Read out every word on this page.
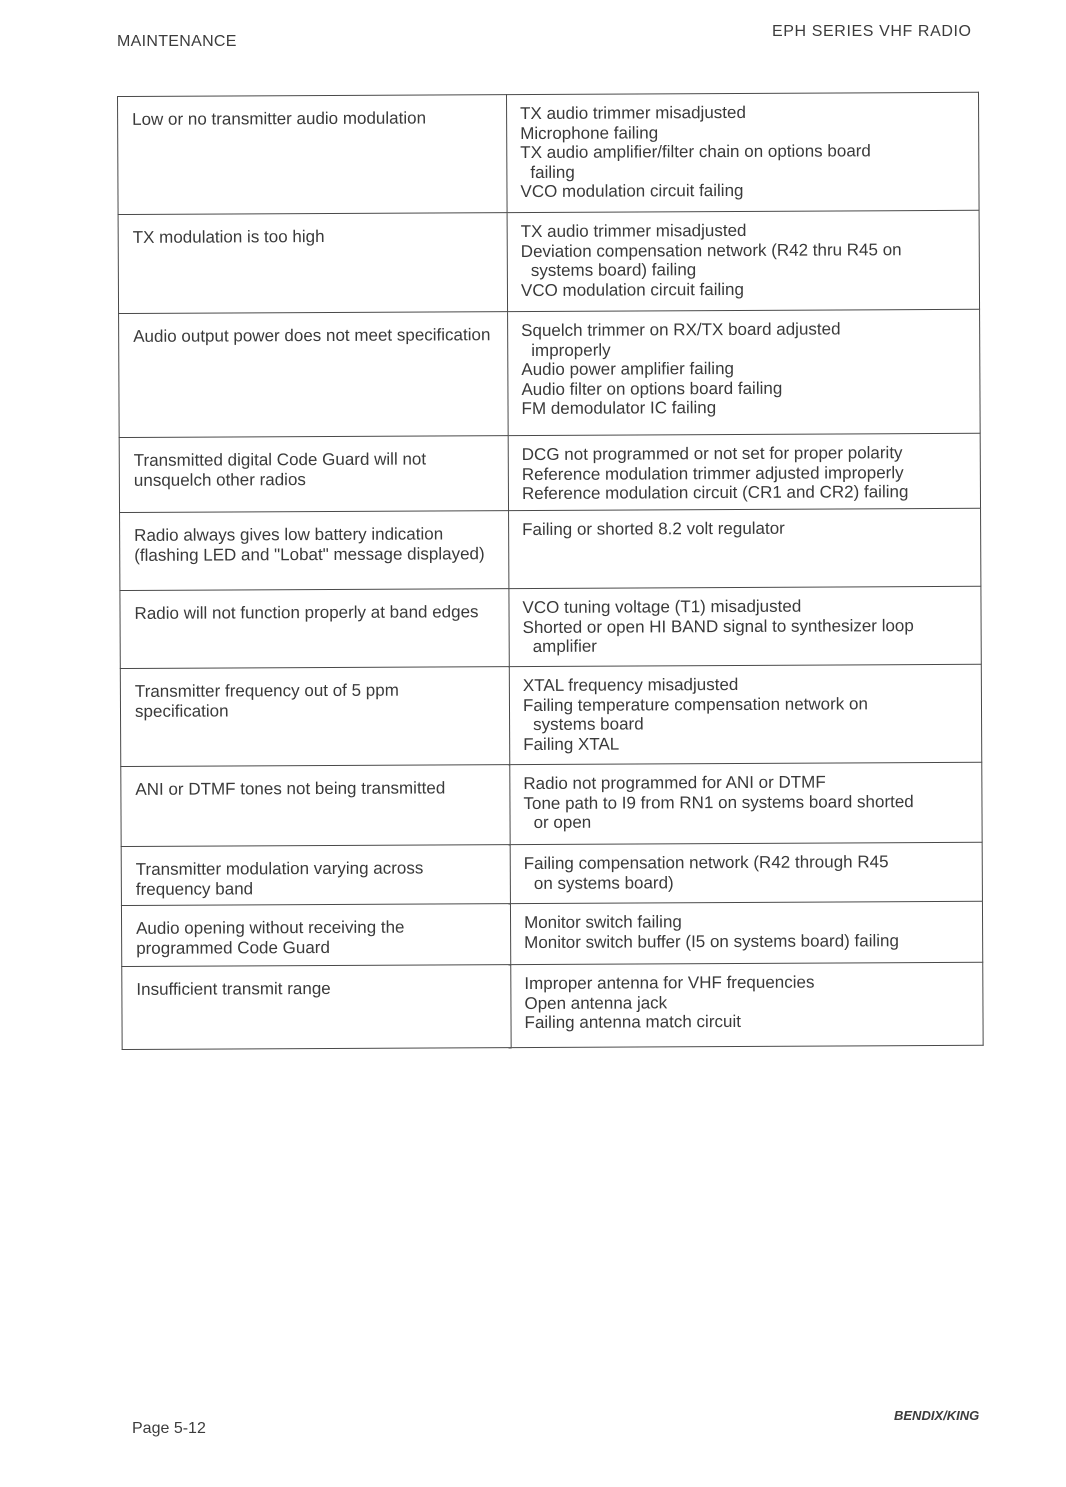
MAINTENANCE
EPH SERIES VHF RADIO
Low or no transmitter audio modulation	TX audio trimmer misadjusted
Microphone failing
TX audio amplifier/filter chain on options board
failing
VCO modulation circuit failing

TX modulation is too high	TX audio trimmer misadjusted
Deviation compensation network (R42 thru R45 on
systems board) failing
VCO modulation circuit failing

Audio output power does not meet specification	Squelch trimmer on RX/TX board adjusted
improperly
Audio power amplifier failing
Audio filter on options board failing
FM demodulator IC failing

Transmitted digital Code Guard will not unsquelch other radios	DCG not programmed or not set for proper polarity
Reference modulation trimmer adjusted improperly
Reference modulation circuit (CR1 and CR2) failing

Radio always gives low battery indication (flashing LED and "Lobat" message displayed)	Failing or shorted 8.2 volt regulator

Radio will not function properly at band edges	VCO tuning voltage (T1) misadjusted
Shorted or open HI BAND signal to synthesizer loop
amplifier

Transmitter frequency out of 5 ppm specification	XTAL frequency misadjusted
Failing temperature compensation network on
systems board
Failing XTAL

ANI or DTMF tones not being transmitted	Radio not programmed for ANI or DTMF
Tone path to I9 from RN1 on systems board shorted
or open

Transmitter modulation varying across frequency band	Failing compensation network (R42 through R45
on systems board)

Audio opening without receiving the programmed Code Guard	Monitor switch failing
Monitor switch buffer (I5 on systems board) failing

Insufficient transmit range	Improper antenna for VHF frequencies
Open antenna jack
Failing antenna match circuit
Page 5-12
BENDIX/KING
